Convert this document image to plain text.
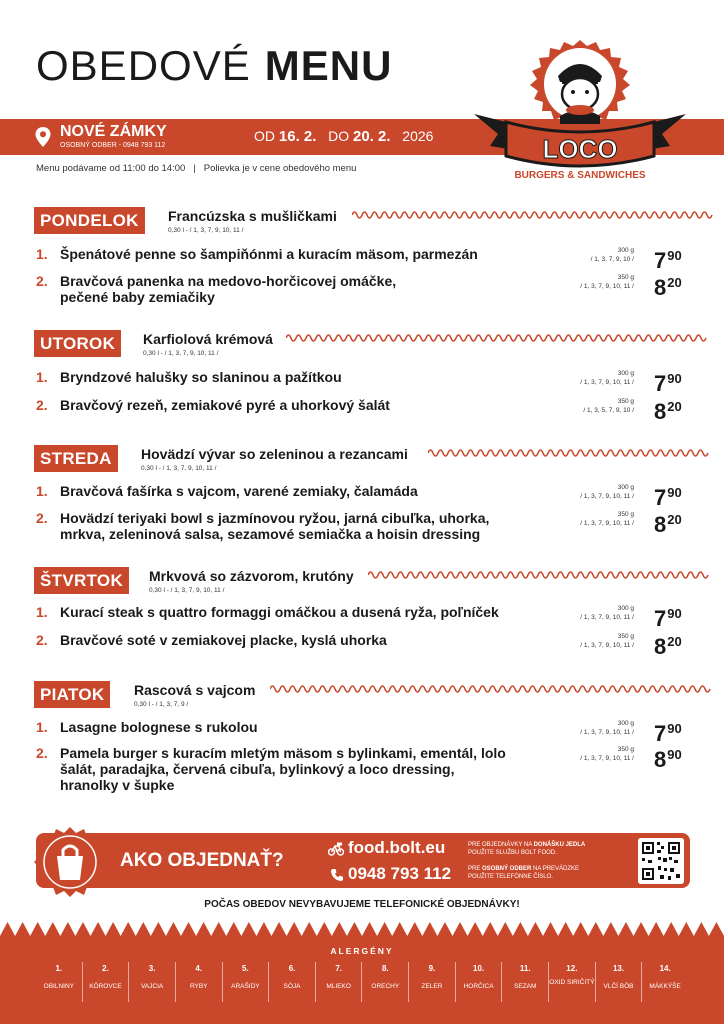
OBEDOVÉ MENU
NOVÉ ZÁMKY
OSOBNÝ ODBER - 0948 793 112
OD 16. 2. DO 20. 2. 2026
Menu podávame od 11:00 do 14:00 | Polievka je v cene obedového menu
LOCO
BURGERS & SANDWICHES
PONDELOK	Francúzska s mušličkami
0,30 l - / 1, 3, 7, 9, 10, 11 /
1. Špenátové penne so šampiňónmi a kuracím mäsom, parmezán	300 g
/ 1, 3, 7, 9, $10 / 7^{90}$
2. Bravčová panenka na medovo-horčicovej omáčke, pečené baby zemiačiky
350 g
/ 1, 3, 7, 9, 10, $11 / 8^{20}$
UTOROK	Karfiolová krémová
0,30 l - / 1, 3, 7, 9, 10, 11 /
1. Bryndzové halušky so slaninou a pažítkou	300 g
/ 1, 3, 7, 9, 10, $11 / 7^{90}$
2. Bravčový rezeň, zemiakové pyré a uhorkový šalát	350 g
/ 1, 3, 5, 7, 9, $10 / 8^{20}$
STREDA	Hovädzí vývar so zeleninou a rezancami
0,30 l - / 1, 3, 7, 9, 10, 11 /
1. Bravčová fašírka s vajcom, varené zemiaky, čalamáda	300 g
/ 1, 3, 7, 9, 10, $11 / 7^{90}$
2. Hovädzí teriyaki bowl s jazmínovou ryžou, jarná cibuľka, uhorka, mrkva, zeleninová salsa, sezamové semiačka a hoisin dressing
350 g
/ 1, 3, 7, 9, 10, $11 / 8^{20}$
ŠTVRTOK	Mrkvová so zázvorom, krutóny
0,30 l - / 1, 3, 7, 9, 10, 11 /
1. Kurací steak s quattro formaggi omáčkou a dusená ryža, poľníček	300 g
/ 1, 3, 7, 9, 10, $11 / 7^{90}$
2. Bravčové soté v zemiakovej placke, kyslá uhorka	350 g
/ 1, 3, 7, 9, 10, $11 / 8^{20}$
PIATOK	Rascová s vajcom
0,30 l - / 1, 3, 7, 9 /
1. Lasagne bolognese s rukolou	300 g
/ 1, 3, 7, 9, 10, $11 / 7^{90}$
2. Pamela burger s kuracím mletým mäsom s bylinkami, ementál, lolo šalát, paradajka, červená cibuľa, bylinkový a loco dressing, hranolky v šupke
350 g
/ 1, 3, 7, 9, 10, $11 / 8^{90}$
AKO OBJEDNAŤ?
food.bolt.eu
0948 793 112
PRE OBJEDNÁVKY NA DONÁŠKU JEDLA
POUŽITE SLUŽBU BOLT FOOD.
PRE OSOBNÝ ODBER NA PREVÁDZKE
POUŽITE TELEFÓNNE ČÍSLO.
POČAS OBEDOV NEVYBAVUJEME TELEFONICKÉ OBJEDNÁVKY!
ALERGÉNY
1.
OBILNINY
2.
KÔROVCE
3.
VAJCIA
4.
RYBY
5.
ARAŠIDY
6.
SÓJA
7.
MLIEKO
8.
ORECHY
9.
ZELER
10.
HORČICA
11.
SEZAM
12.
OXID SIRIČITÝ
13.
VLČÍ BÔB
14.
MÄKKÝŠE
